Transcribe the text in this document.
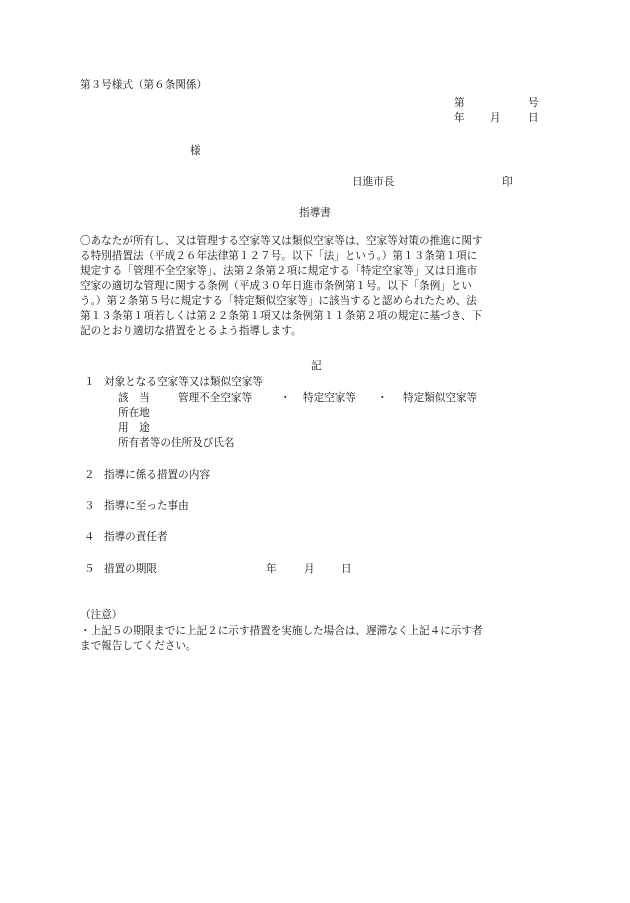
第３号様式（第６条関係）
第	号
年 月	日
様
日進市長	印
指導書
〇あなたが所有し、又は管理する空家等又は類似空家等は、空家等対策の推進に関す
る特別措置法（平成２６年法律第１２７号。以下「法」という。）第１３条第１項に
規定する「管理不全空家等」、法第２条第２項に規定する「特定空家等」又は日進市
空家の適切な管理に関する条例（平成３０年日進市条例第１号。以下「条例」とい
う。）第２条第５号に規定する「特定類似空家等」に該当すると認められたため、法
第１３条第１項若しくは第２２条第１項又は条例第１１条第２項の規定に基づき、下
記のとおり適切な措置をとるよう指導します。
記
１ 対象となる空家等又は類似空家等
該　当	管理不全空家等	・ 特定空家等 ・ 特定類似空家等
所在地
用　途
所有者等の住所及び氏名
２ 指導に係る措置の内容
３ 指導に至った事由
４ 指導の責任者
５ 措置の期限	年	月 日
（注意）
・上記５の期限までに上記２に示す措置を実施した場合は、遅滞なく上記４に示す者
まで報告してください。
